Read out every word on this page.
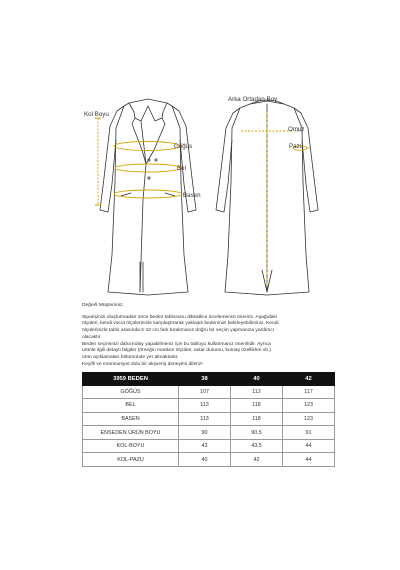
Kol Boyu
Göğüs
Bel
Basen
Arka Ortadan Boy
Omuz
Pazu

Değerli Müşterimiz,

Siparişinizi oluşturmadan önce beden tablosunu dikkatlice incelemenizi öneririz. Aşağıdaki

ölçüleri, kendi vücut ölçülerinizle karşılaştırarak yaklaşık bedeninizi belirleyebilirsiniz. Kendi

ölçülerinizle tablo arasında 5-10 cm fark bırakmanız doğru bir seçim yapmanıza yardımcı

olacaktır.

Beden seçiminizi daha kolay yapabilmeniz için bu tabloyu kullanmanız önemlidir. Ayrıca

ürünle ilgili detaylı bilgiler (örneğin manken ölçüleri, astar durumu, kumaş özellikleri vb.)

ürün açıklamaları bölümünde yer almaktadır.

Keyifli ve memnuniyet dolu bir alışveriş deneyimi dileriz!

3959 BEDEN	38	40	42
GÖĞÜS	107	112	117
BEL	113	118	123
BASEN	113	118	123
ENSEDEN ÜRÜN BOYU	90	90,5	91
KOL-BOYU	43	43,5	44
KOL-PAZU	40	42	44
